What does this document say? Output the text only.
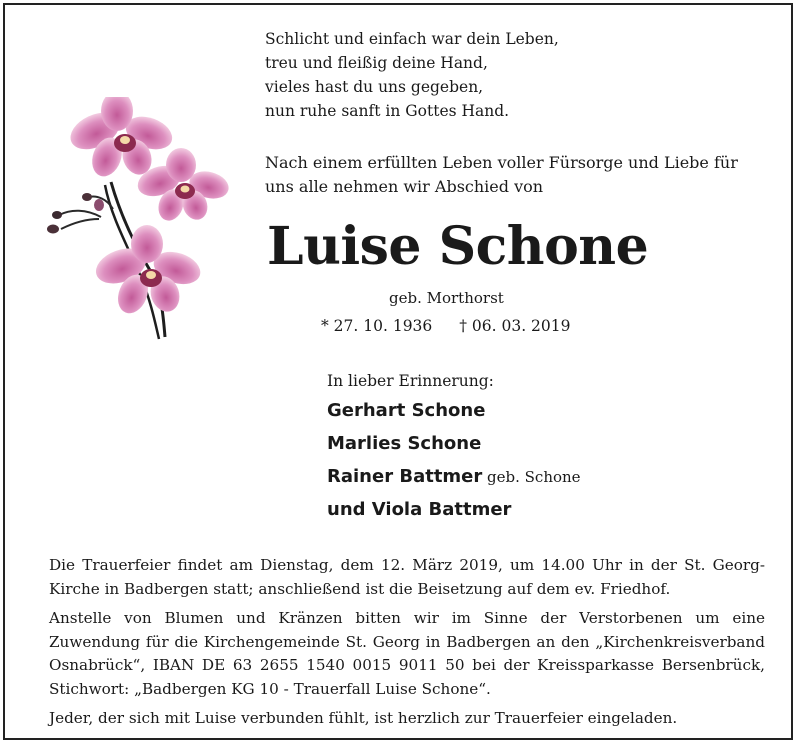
Schlicht und einfach war dein Leben,
treu und fleißig deine Hand,
vieles hast du uns gegeben,
nun ruhe sanft in Gottes Hand.
Nach einem erfüllten Leben voller Fürsorge und Liebe für
uns alle nehmen wir Abschied von
Luise Schone
geb. Morthorst
* 27. 10. 1936 † 06. 03. 2019
In lieber Erinnerung:
Gerhart Schone
Marlies Schone
Rainer Battmer geb. Schone
und Viola Battmer

Die Trauerfeier findet am Dienstag, dem 12. März 2019, um 14.00 Uhr in der St. Georg-Kirche in Badbergen statt; anschließend ist die Beisetzung auf dem ev. Friedhof.

Anstelle von Blumen und Kränzen bitten wir im Sinne der Verstorbenen um eine Zuwendung für die Kirchengemeinde St. Georg in Badbergen an den „Kirchenkreisverband Osnabrück“, IBAN DE 63 2655 1540 0015 9011 50 bei der Kreissparkasse Bersenbrück, Stichwort: „Badbergen KG 10 - Trauerfall Luise Schone“.

Jeder, der sich mit Luise verbunden fühlt, ist herzlich zur Trauerfeier eingeladen.
